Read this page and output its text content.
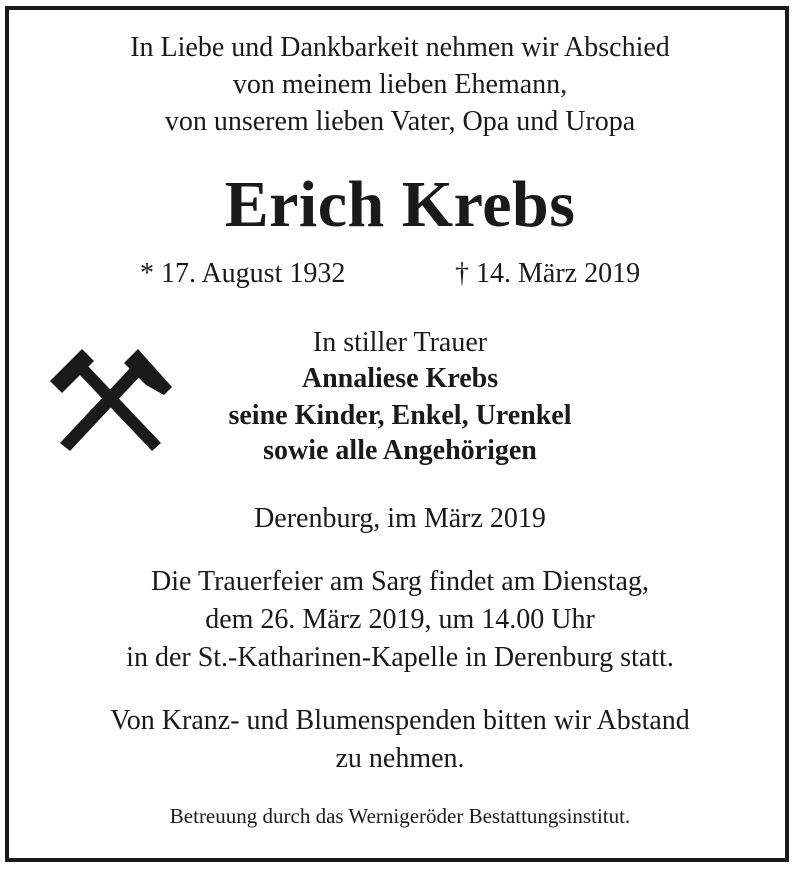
In Liebe und Dankbarkeit nehmen wir Abschied
von meinem lieben Ehemann,
von unserem lieben Vater, Opa und Uropa
Erich Krebs
* 17. August 1932	† 14. März 2019
In stiller Trauer
Annaliese Krebs
seine Kinder, Enkel, Urenkel
sowie alle Angehörigen
Derenburg, im März 2019
Die Trauerfeier am Sarg findet am Dienstag,
dem 26. März 2019, um 14.00 Uhr
in der St.-Katharinen-Kapelle in Derenburg statt.
Von Kranz- und Blumenspenden bitten wir Abstand
zu nehmen.
Betreuung durch das Wernigeröder Bestattungsinstitut.
